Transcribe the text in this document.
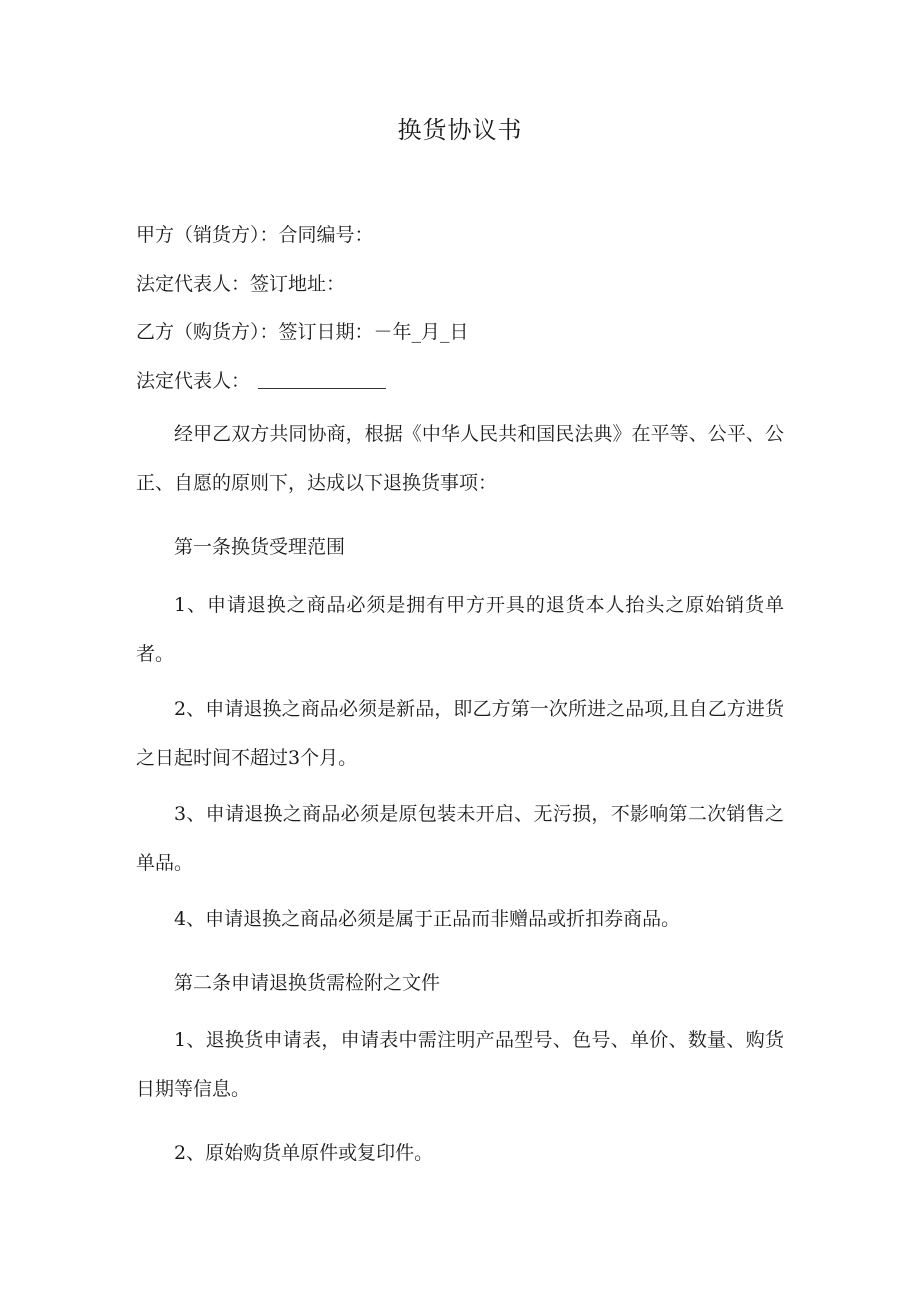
换货协议书
甲方（销货方）：合同编号：
法定代表人：签订地址：
乙方（购货方）：签订日期：－年_月_日
法定代表人：
经甲乙双方共同协商，根据《中华人民共和国民法典》在平等、公平、公正、自愿的原则下，达成以下退换货事项：
第一条换货受理范围
1、申请退换之商品必须是拥有甲方开具的退货本人抬头之原始销货单者。
2、申请退换之商品必须是新品，即乙方第一次所进之品项,且自乙方进货之日起时间不超过3个月。
3、申请退换之商品必须是原包装未开启、无污损，不影响第二次销售之单品。
4、申请退换之商品必须是属于正品而非赠品或折扣券商品。
第二条申请退换货需检附之文件
1、退换货申请表，申请表中需注明产品型号、色号、单价、数量、购货日期等信息。
2、原始购货单原件或复印件。
